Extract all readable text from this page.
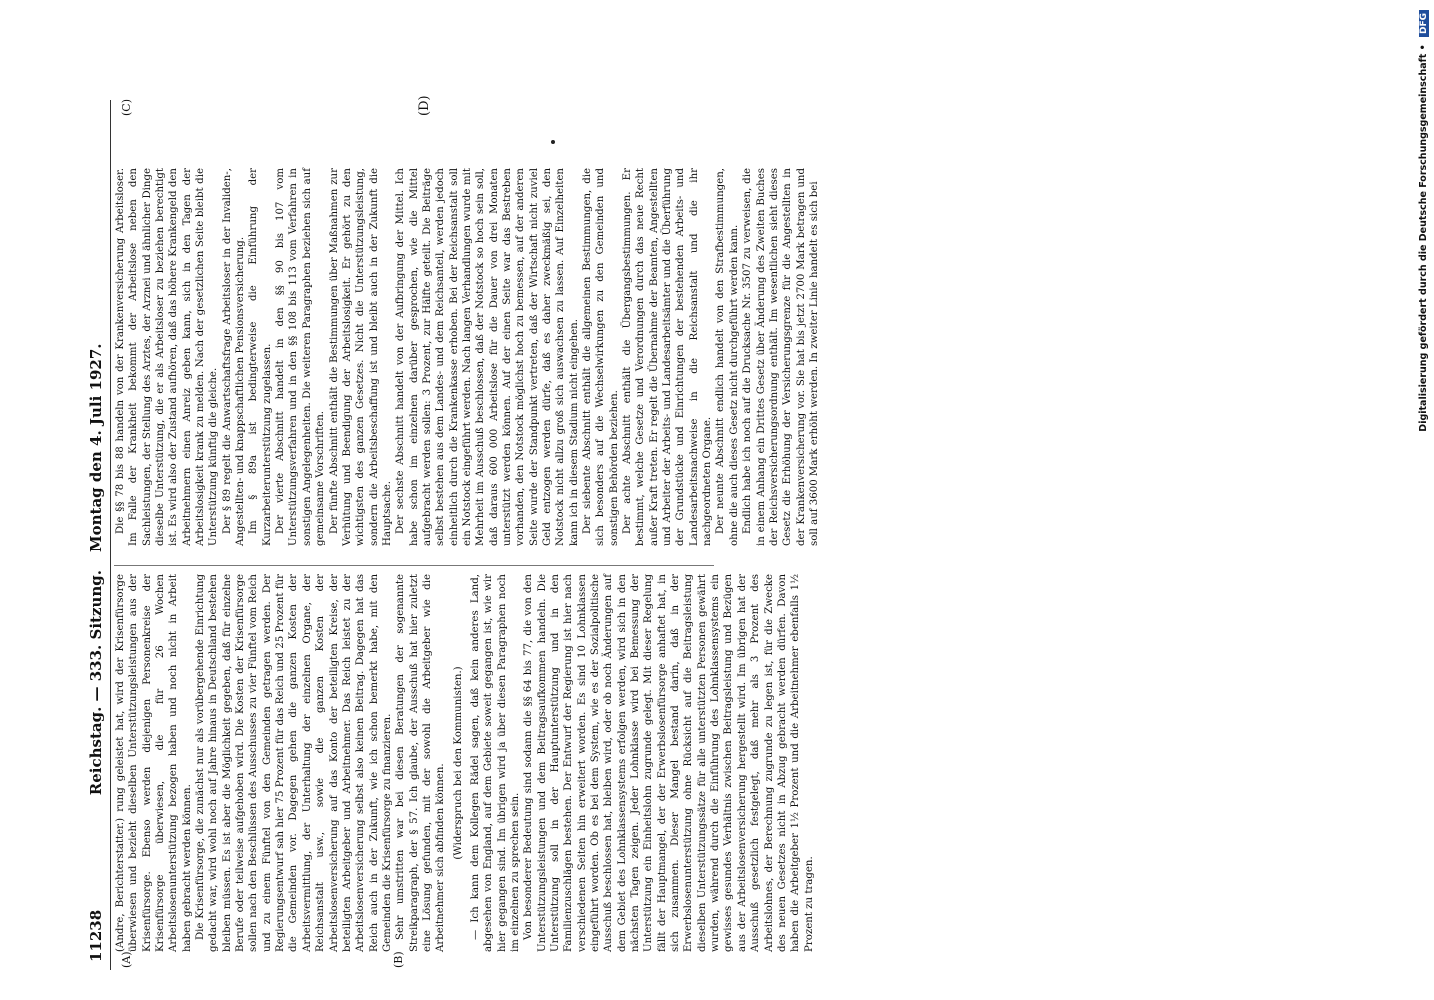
11238
Reichstag. — 333. Sitzung.
Montag den 4. Juli 1927.
(A)	(B)
(C)	(D)

(Andre, Berichterstatter.) rung geleistet hat, wird der Krisenfürsorge überwiesen und bezieht dieselben Unterstützungsleistungen aus der Krisenfürsorge. Ebenso werden diejenigen Personenkreise der Krisenfürsorge überwiesen, die für 26 Wochen Arbeitslosenunterstützung bezogen haben und noch nicht in Arbeit haben gebracht werden können. Die Krisenfürsorge, die zunächst nur als vorübergehende Einrichtung gedacht war, wird wohl noch auf Jahre hinaus in Deutschland bestehen bleiben müssen. Es ist aber die Möglichkeit gegeben, daß für einzelne Berufe oder teilweise aufgehoben wird. Die Kosten der Krisenfürsorge sollen nach den Beschlüssen des Ausschusses zu vier Fünftel vom Reich und zu einem Fünftel von den Gemeinden getragen werden. Der Regierungsentwurf sah hier 75 Prozent für das Reich und 25 Prozent für die Gemeinden vor. Dagegen gehen die ganzen Kosten der Arbeitsvermittlung, der Unterhaltung der einzelnen Organe, der Reichsanstalt usw., sowie die ganzen Kosten der Arbeitslosenversicherung auf das Konto der beteiligten Kreise, der beteiligten Arbeitgeber und Arbeitnehmer. Das Reich leistet zu der Arbeitslosenversicherung selbst also keinen Beitrag. Dagegen hat das Reich auch in der Zukunft, wie ich schon bemerkt habe, mit den Gemeinden die Krisenfürsorge zu finanzieren. Sehr umstritten war bei diesen Beratungen der sogenannte Streikparagraph, der § 57. Ich glaube, der Ausschuß hat hier zuletzt eine Lösung gefunden, mit der sowohl die Arbeitgeber wie die Arbeitnehmer sich abfinden können. (Widerspruch bei den Kommunisten.) — Ich kann dem Kollegen Rädel sagen, daß kein anderes Land, abgesehen von England, auf dem Gebiete soweit gegangen ist, wie wir hier gegangen sind. Im übrigen wird ja über diesen Paragraphen noch im einzelnen zu sprechen sein. Von besonderer Bedeutung sind sodann die §§ 64 bis 77, die von den Unterstützungsleistungen und dem Beitragsaufkommen handeln. Die Unterstützung soll in der Hauptunterstützung und in den Familienzuschlägen bestehen. Der Entwurf der Regierung ist hier nach verschiedenen Seiten hin erweitert worden. Es sind 10 Lohnklassen eingeführt worden. Ob es bei dem System, wie es der Sozialpolitische Ausschuß beschlossen hat, bleiben wird, oder ob noch Änderungen auf dem Gebiet des Lohnklassensystems erfolgen werden, wird sich in den nächsten Tagen zeigen. Jeder Lohnklasse wird bei Bemessung der Unterstützung ein Einheitslohn zugrunde gelegt. Mit dieser Regelung fällt der Hauptmangel, der der Erwerbslosenfürsorge anhaftet hat, in sich zusammen. Dieser Mangel bestand darin, daß in der Erwerbslosenunterstützung ohne Rücksicht auf die Beitragsleistung dieselben Unterstützungssätze für alle unterstützten Personen gewährt wurden, während durch die Einführung des Lohnklassensystems ein gewisses gesundes Verhältnis zwischen Beitragsleistung und Bezügen aus der Arbeitslosenversicherung hergestellt wird. Im übrigen hat der Ausschuß gesetzlich festgelegt, daß mehr als 3 Prozent des Arbeitslohnes, der Berechnung zugrunde zu legen ist, für die Zwecke des neuen Gesetzes nicht in Abzug gebracht werden dürfen. Davon haben die Arbeitgeber 1½ Prozent und die Arbeitnehmer ebenfalls 1½ Prozent zu tragen.

Die §§ 78 bis 88 handeln von der Krankenversicherung Arbeitsloser. Im Falle der Krankheit bekommt der Arbeitslose neben den Sachleistungen, der Stellung des Arztes, der Arznei und ähnlicher Dinge dieselbe Unterstützung, die er als Arbeitsloser zu beziehen berechtigt ist. Es wird also der Zustand aufhören, daß das höhere Krankengeld den Arbeitnehmern einen Anreiz geben kann, sich in den Tagen der Arbeitslosigkeit krank zu melden. Nach der gesetzlichen Seite bleibt die Unterstützung künftig die gleiche. Der § 89 regelt die Anwartschaftsfrage Arbeitsloser in der Invaliden-, Angestellten- und knappschaftlichen Pensionsversicherung. Im § 89a ist bedingterweise die Einführung der Kurzarbeiterunterstützung zugelassen. Der vierte Abschnitt handelt in den §§ 90 bis 107 vom Unterstützungsverfahren und in den §§ 108 bis 113 vom Verfahren in sonstigen Angelegenheiten. Die weiteren Paragraphen beziehen sich auf gemeinsame Vorschriften. Der fünfte Abschnitt enthält die Bestimmungen über Maßnahmen zur Verhütung und Beendigung der Arbeitslosigkeit. Er gehört zu den wichtigsten des ganzen Gesetzes. Nicht die Unterstützungsleistung, sondern die Arbeitsbeschaffung ist und bleibt auch in der Zukunft die Hauptsache. Der sechste Abschnitt handelt von der Aufbringung der Mittel. Ich habe schon im einzelnen darüber gesprochen, wie die Mittel aufgebracht werden sollen: 3 Prozent, zur Hälfte geteilt. Die Beiträge selbst bestehen aus dem Landes- und dem Reichsanteil, werden jedoch einheitlich durch die Krankenkasse erhoben. Bei der Reichsanstalt soll ein Notstock eingeführt werden. Nach langen Verhandlungen wurde mit Mehrheit im Ausschuß beschlossen, daß der Notstock so hoch sein soll, daß daraus 600 000 Arbeitslose für die Dauer von drei Monaten unterstützt werden können. Auf der einen Seite war das Bestreben vorhanden, den Notstock möglichst hoch zu bemessen, auf der anderen Seite wurde der Standpunkt vertreten, daß der Wirtschaft nicht zuviel Geld entzogen werden dürfe, daß es daher zweckmäßig sei, den Notstock nicht allzu groß sich auswachsen zu lassen. Auf Einzelheiten kann ich in diesem Stadium nicht eingehen. Der siebente Abschnitt enthält die allgemeinen Bestimmungen, die sich besonders auf die Wechselwirkungen zu den Gemeinden und sonstigen Behörden beziehen. Der achte Abschnitt enthält die Übergangsbestimmungen. Er bestimmt, welche Gesetze und Verordnungen durch das neue Recht außer Kraft treten. Er regelt die Übernahme der Beamten, Angestellten und Arbeiter der Arbeits- und Landesarbeitsämter und die Überführung der Grundstücke und Einrichtungen der bestehenden Arbeits- und Landesarbeitsnachweise in die Reichsanstalt und die ihr nachgeordneten Organe. Der neunte Abschnitt endlich handelt von den Strafbestimmungen, ohne die auch dieses Gesetz nicht durchgeführt werden kann. Endlich habe ich noch auf die Drucksache Nr. 3507 zu verweisen, die in einem Anhang ein Drittes Gesetz über Änderung des Zweiten Buches der Reichsversicherungsordnung enthält. Im wesentlichen sieht dieses Gesetz die Erhöhung der Versicherungsgrenze für die Angestellten in der Krankenversicherung vor. Sie hat bis jetzt 2700 Mark betragen und soll auf 3600 Mark erhöht werden. In zweiter Linie handelt es sich bei	Digitalisierung gefördert durch die Deutsche Forschungsgemeinschaft • DFG
